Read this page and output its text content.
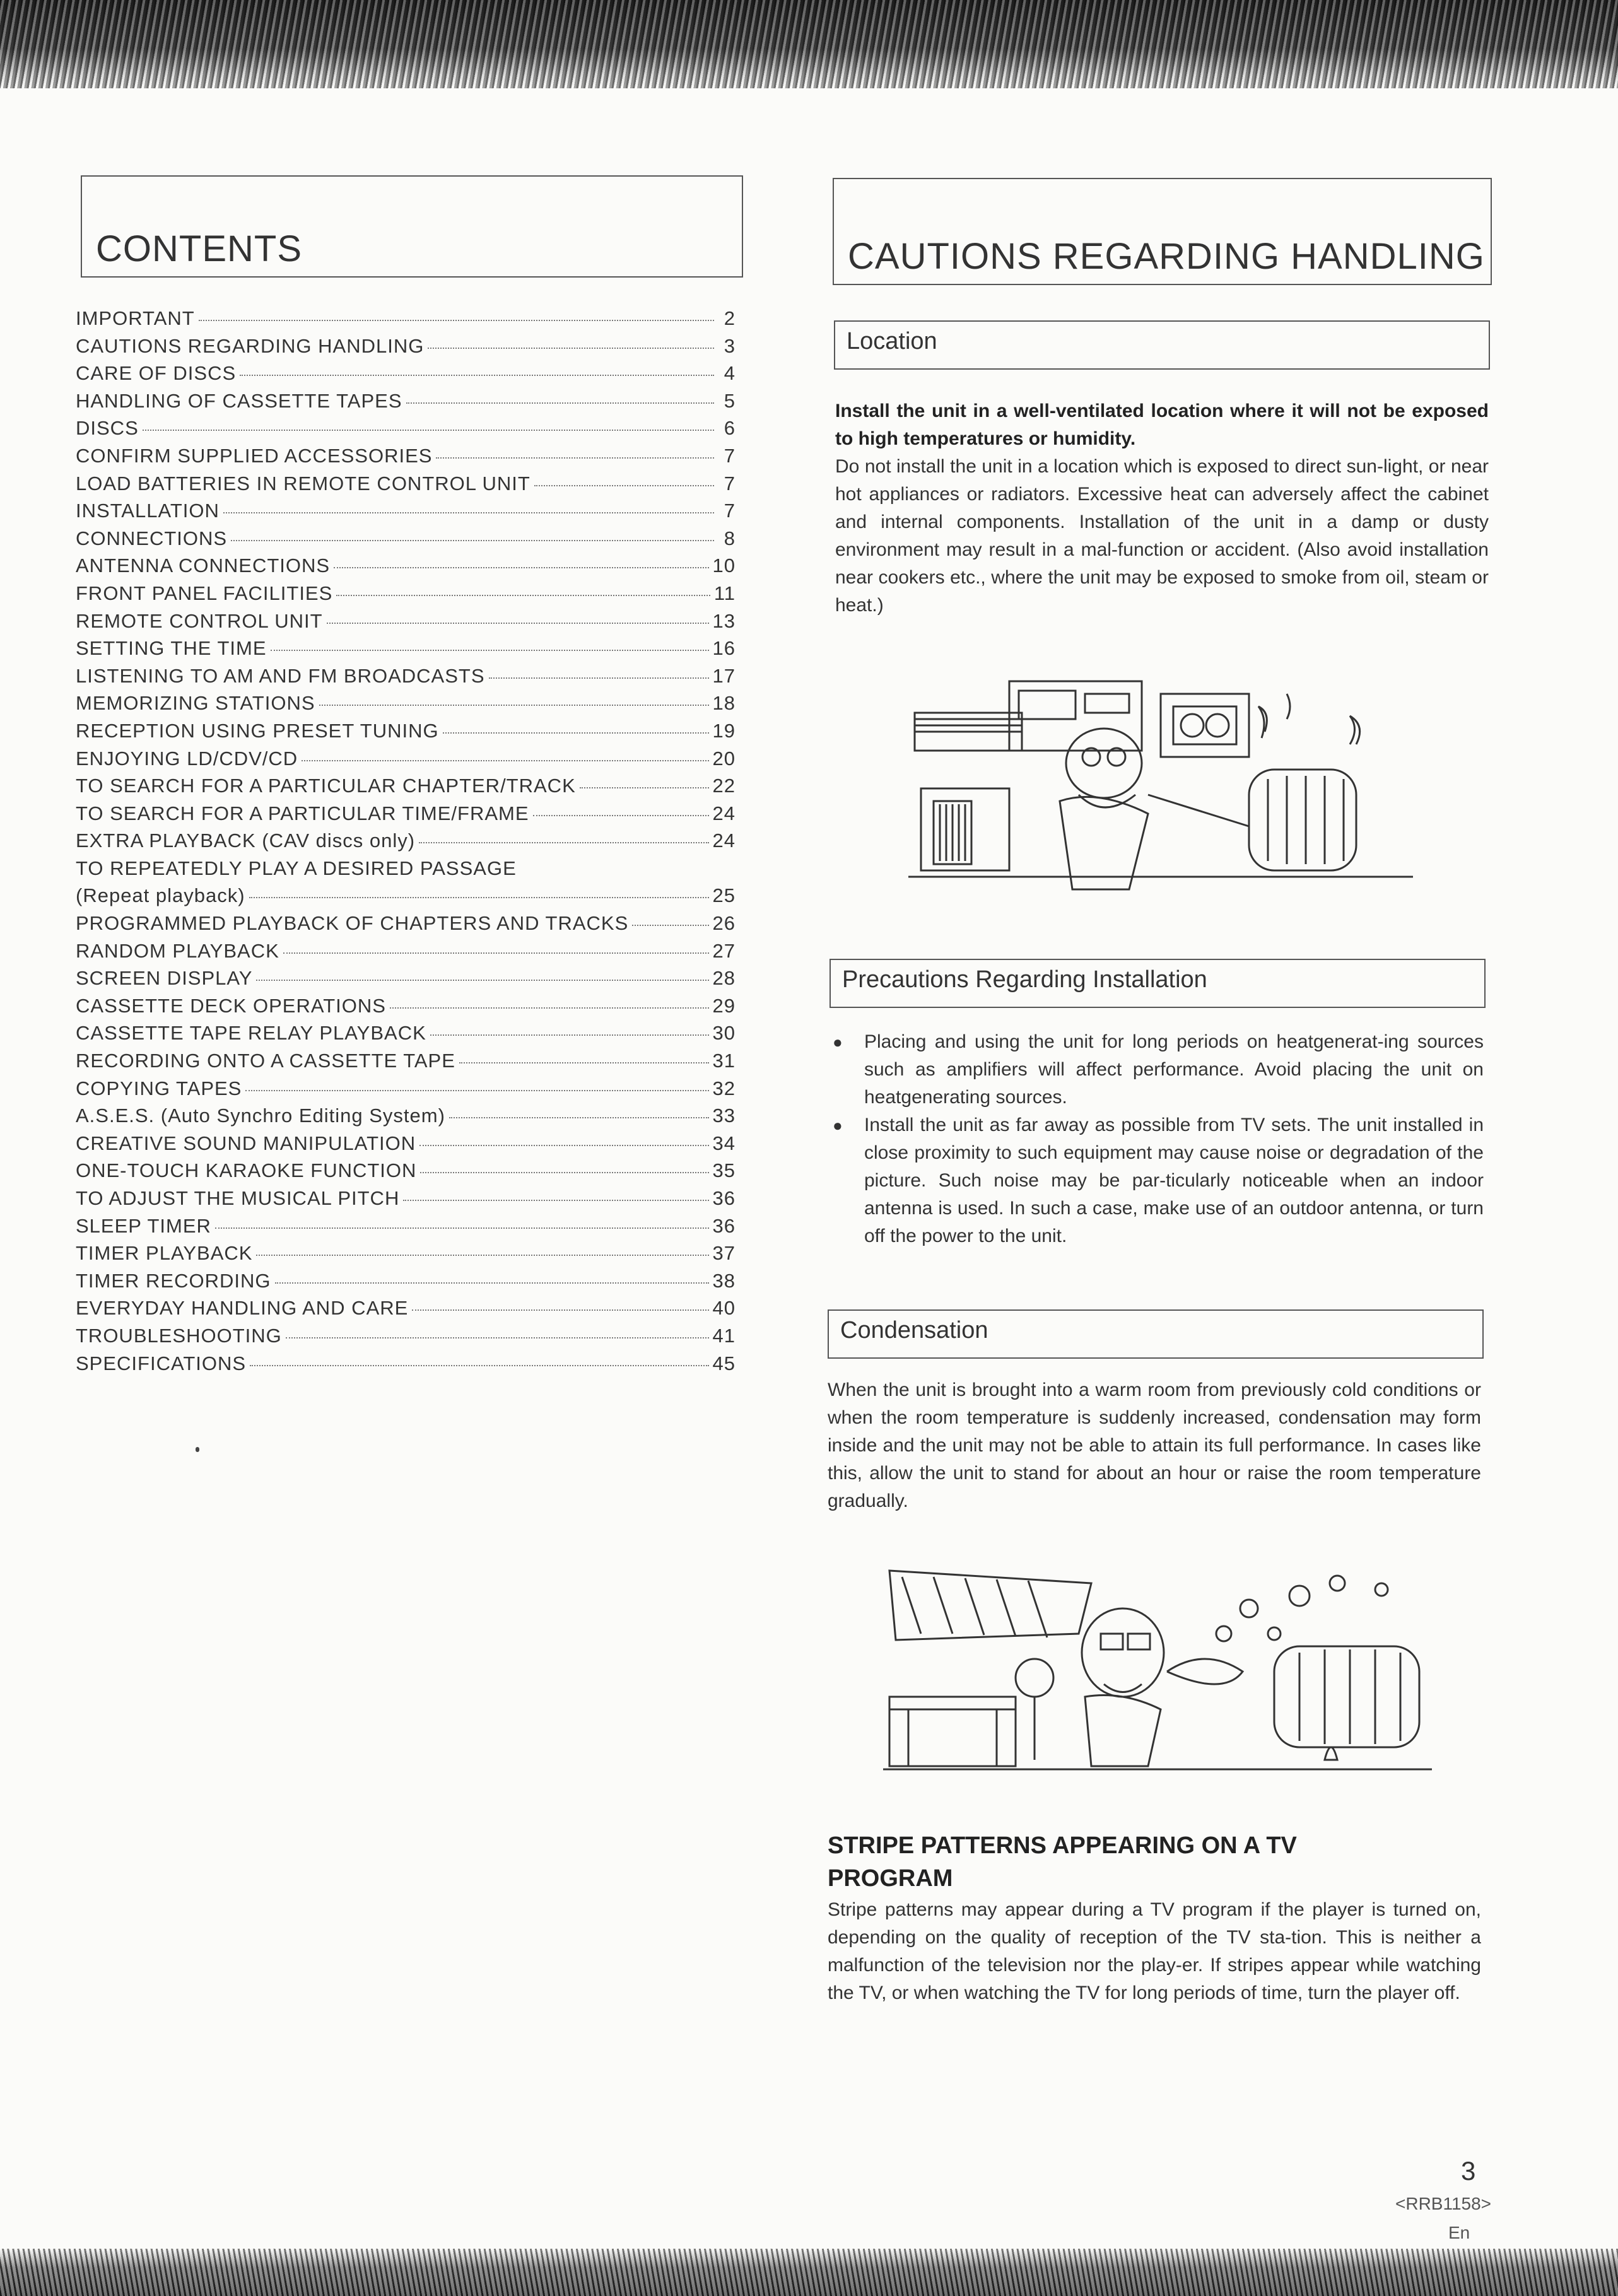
CONTENTS
IMPORTANT	2
CAUTIONS REGARDING HANDLING	3
CARE OF DISCS	4
HANDLING OF CASSETTE TAPES	5
DISCS	6
CONFIRM SUPPLIED ACCESSORIES	7
LOAD BATTERIES IN REMOTE CONTROL UNIT	7
INSTALLATION	7
CONNECTIONS	8
ANTENNA CONNECTIONS	10
FRONT PANEL FACILITIES	11
REMOTE CONTROL UNIT	13
SETTING THE TIME	16
LISTENING TO AM AND FM BROADCASTS	17
MEMORIZING STATIONS	18
RECEPTION USING PRESET TUNING	19
ENJOYING LD/CDV/CD	20
TO SEARCH FOR A PARTICULAR CHAPTER/TRACK	22
TO SEARCH FOR A PARTICULAR TIME/FRAME	24
EXTRA PLAYBACK (CAV discs only)	24
TO REPEATEDLY PLAY A DESIRED PASSAGE
(Repeat playback)	25
PROGRAMMED PLAYBACK OF CHAPTERS AND TRACKS	26
RANDOM PLAYBACK	27
SCREEN DISPLAY	28
CASSETTE DECK OPERATIONS	29
CASSETTE TAPE RELAY PLAYBACK	30
RECORDING ONTO A CASSETTE TAPE	31
COPYING TAPES	32
A.S.E.S. (Auto Synchro Editing System)	33
CREATIVE SOUND MANIPULATION	34
ONE-TOUCH KARAOKE FUNCTION	35
TO ADJUST THE MUSICAL PITCH	36
SLEEP TIMER	36
TIMER PLAYBACK	37
TIMER RECORDING	38
EVERYDAY HANDLING AND CARE	40
TROUBLESHOOTING	41
SPECIFICATIONS	45
CAUTIONS REGARDING HANDLING
Location
Install the unit in a well-ventilated location where it will not be exposed to high temperatures or humidity.
Do not install the unit in a location which is exposed to direct sun-light, or near hot appliances or radiators. Excessive heat can adversely affect the cabinet and internal components. Installation of the unit in a damp or dusty environment may result in a mal-function or accident. (Also avoid installation near cookers etc., where the unit may be exposed to smoke from oil, steam or heat.)
Precautions Regarding Installation
● Placing and using the unit for long periods on heatgenerat-ing sources such as amplifiers will affect performance. Avoid placing the unit on heatgenerating sources.
● Install the unit as far away as possible from TV sets. The unit installed in close proximity to such equipment may cause noise or degradation of the picture. Such noise may be par-ticularly noticeable when an indoor antenna is used. In such a case, make use of an outdoor antenna, or turn off the power to the unit.
Condensation
When the unit is brought into a warm room from previously cold conditions or when the room temperature is suddenly increased, condensation may form inside and the unit may not be able to attain its full performance. In cases like this, allow the unit to stand for about an hour or raise the room temperature gradually.
STRIPE PATTERNS APPEARING ON A TV PROGRAM
Stripe patterns may appear during a TV program if the player is turned on, depending on the quality of reception of the TV sta-tion. This is neither a malfunction of the television nor the play-er. If stripes appear while watching the TV, or when watching the TV for long periods of time, turn the player off.
3
<RRB1158>
En
